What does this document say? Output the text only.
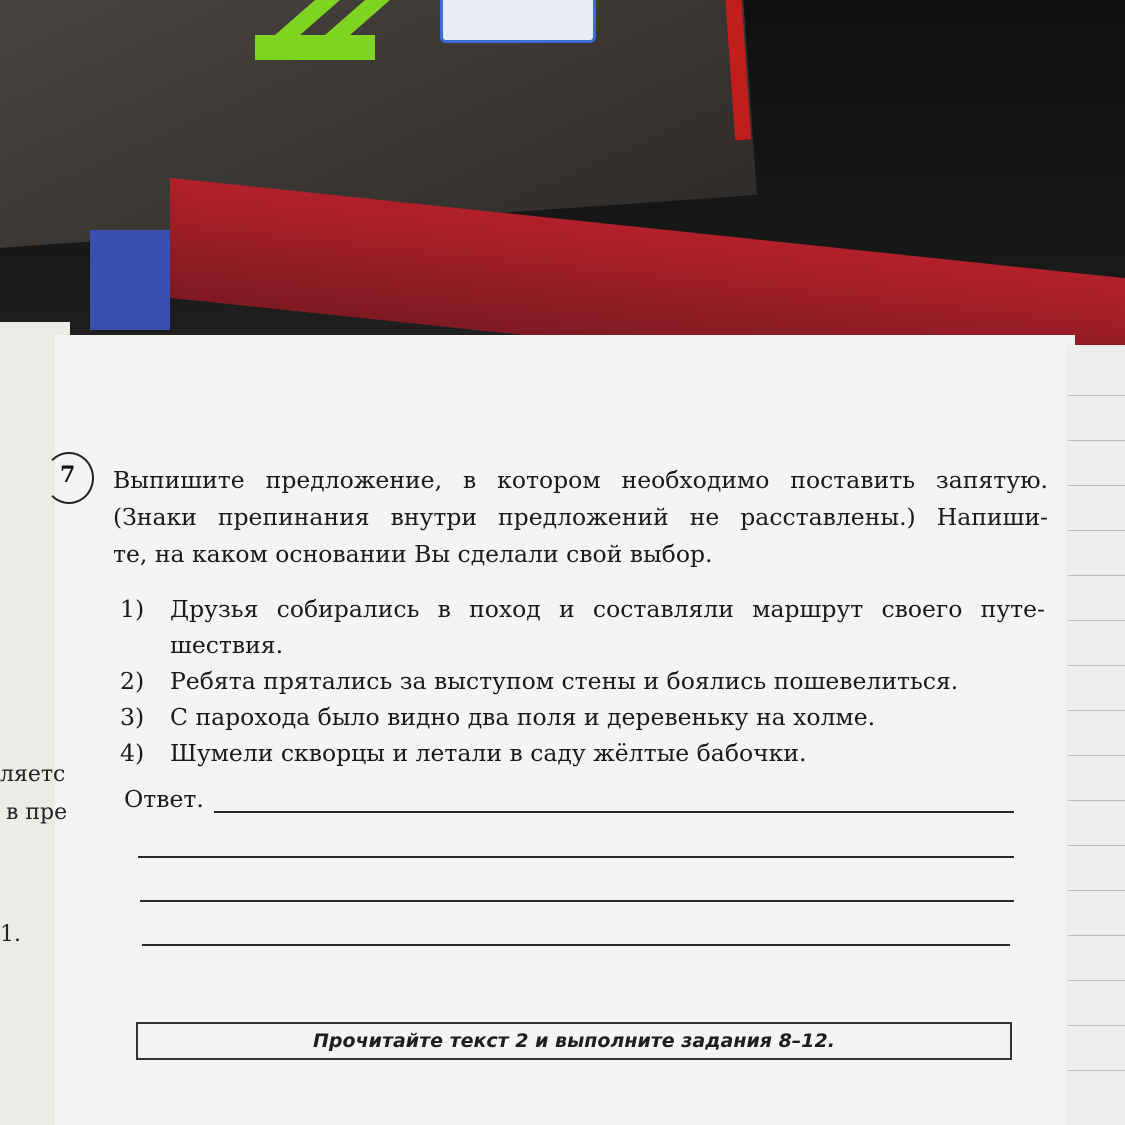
ляетс
в пре
1.
7 Выпишите предложение, в котором необходимо поставить запятую.
(Знаки препинания внутри предложений не расставлены.) Напиши-
те, на каком основании Вы сделали свой выбор.
1)	Друзья собирались в поход и составляли маршрут своего путе-
шествия.
2)	Ребята прятались за выступом стены и боялись пошевелиться.
3)	С парохода было видно два поля и деревеньку на холме.
4)	Шумели скворцы и летали в саду жёлтые бабочки.
Ответ.
Прочитайте текст 2 и выполните задания 8–12.
